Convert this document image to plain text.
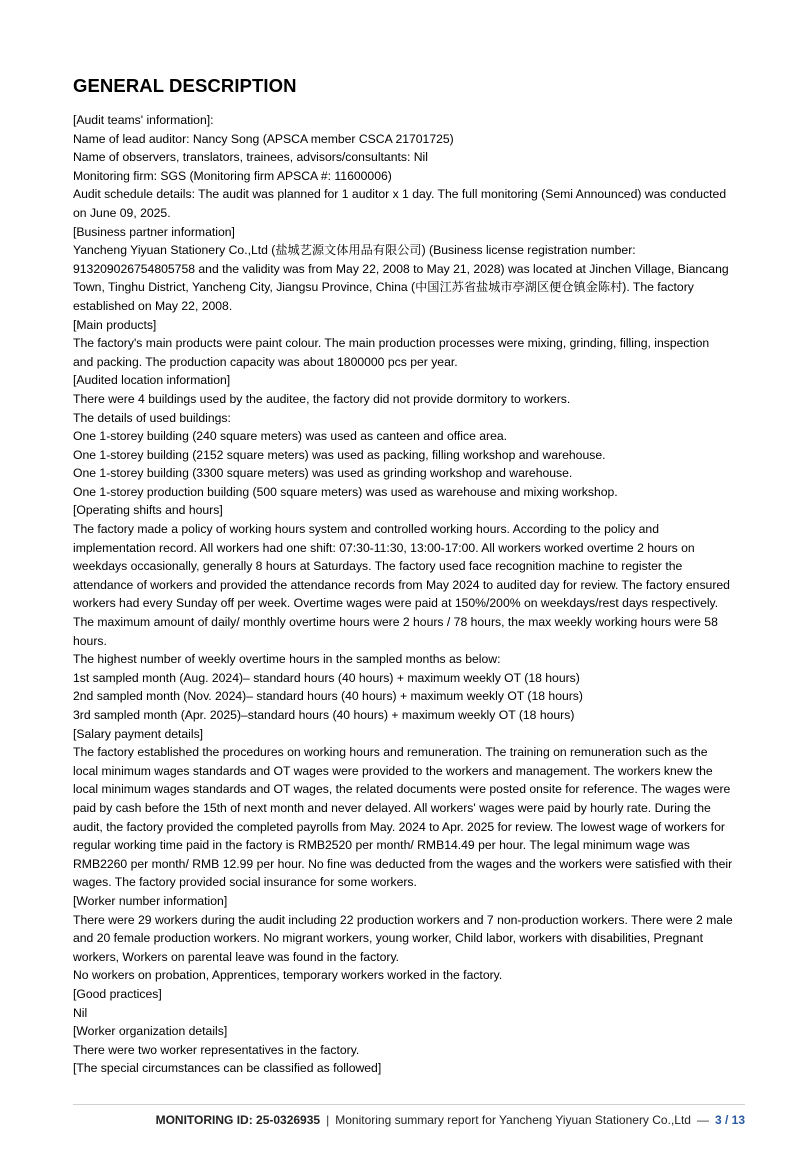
GENERAL DESCRIPTION
[Audit teams' information]:
Name of lead auditor: Nancy Song (APSCA member CSCA 21701725)
Name of observers, translators, trainees, advisors/consultants: Nil
Monitoring firm: SGS (Monitoring firm APSCA #: 11600006)
Audit schedule details: The audit was planned for 1 auditor x 1 day. The full monitoring (Semi Announced) was conducted
on June 09, 2025.
[Business partner information]
Yancheng Yiyuan Stationery Co.,Ltd (盐城艺源文体用品有限公司) (Business license registration number:
913209026754805758 and the validity was from May 22, 2008 to May 21, 2028) was located at Jinchen Village, Biancang
Town, Tinghu District, Yancheng City, Jiangsu Province, China (中国江苏省盐城市亭湖区便仓镇金陈村). The factory
established on May 22, 2008.
[Main products]
The factory's main products were paint colour. The main production processes were mixing, grinding, filling, inspection
and packing. The production capacity was about 1800000 pcs per year.
[Audited location information]
There were 4 buildings used by the auditee, the factory did not provide dormitory to workers.
The details of used buildings:
One 1-storey building (240 square meters) was used as canteen and office area.
One 1-storey building (2152 square meters) was used as packing, filling workshop and warehouse.
One 1-storey building (3300 square meters) was used as grinding workshop and warehouse.
One 1-storey production building (500 square meters) was used as warehouse and mixing workshop.
[Operating shifts and hours]
The factory made a policy of working hours system and controlled working hours. According to the policy and
implementation record. All workers had one shift: 07:30-11:30, 13:00-17:00. All workers worked overtime 2 hours on
weekdays occasionally, generally 8 hours at Saturdays. The factory used face recognition machine to register the
attendance of workers and provided the attendance records from May 2024 to audited day for review. The factory ensured
workers had every Sunday off per week. Overtime wages were paid at 150%/200% on weekdays/rest days respectively.
The maximum amount of daily/ monthly overtime hours were 2 hours / 78 hours, the max weekly working hours were 58
hours.
The highest number of weekly overtime hours in the sampled months as below:
1st sampled month (Aug. 2024)– standard hours (40 hours) + maximum weekly OT (18 hours)
2nd sampled month (Nov. 2024)– standard hours (40 hours) + maximum weekly OT (18 hours)
3rd sampled month (Apr. 2025)–standard hours (40 hours) + maximum weekly OT (18 hours)
[Salary payment details]
The factory established the procedures on working hours and remuneration. The training on remuneration such as the
local minimum wages standards and OT wages were provided to the workers and management. The workers knew the
local minimum wages standards and OT wages, the related documents were posted onsite for reference. The wages were
paid by cash before the 15th of next month and never delayed. All workers' wages were paid by hourly rate. During the
audit, the factory provided the completed payrolls from May. 2024 to Apr. 2025 for review. The lowest wage of workers for
regular working time paid in the factory is RMB2520 per month/ RMB14.49 per hour. The legal minimum wage was
RMB2260 per month/ RMB 12.99 per hour. No fine was deducted from the wages and the workers were satisfied with their
wages. The factory provided social insurance for some workers.
[Worker number information]
There were 29 workers during the audit including 22 production workers and 7 non-production workers. There were 2 male
and 20 female production workers. No migrant workers, young worker, Child labor, workers with disabilities, Pregnant
workers, Workers on parental leave was found in the factory.
No workers on probation, Apprentices, temporary workers worked in the factory.
[Good practices]
Nil
[Worker organization details]
There were two worker representatives in the factory.
[The special circumstances can be classified as followed]
MONITORING ID: 25-0326935 | Monitoring summary report for Yancheng Yiyuan Stationery Co.,Ltd — 3 / 13
